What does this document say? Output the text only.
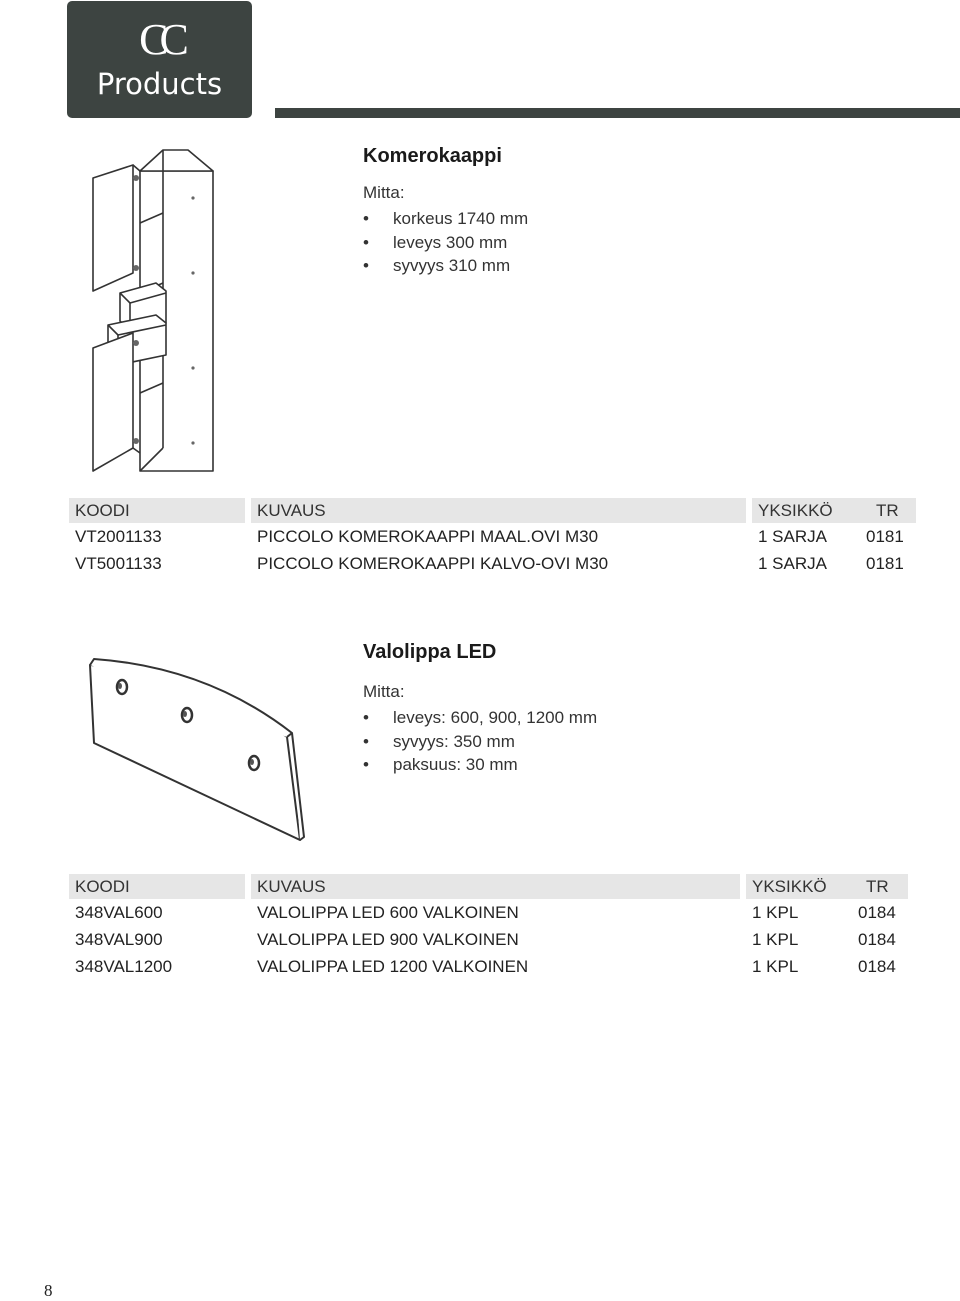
CC
Products
Komerokaappi
Mitta:
• korkeus 1740 mm
• leveys 300 mm
• syvyys 310 mm
KOODI		KUVAUS		YKSIKKÖ	TR
VT2001133		PICCOLO KOMEROKAAPPI MAAL.OVI M30		1 SARJA	0181
VT5001133		PICCOLO KOMEROKAAPPI KALVO-OVI M30		1 SARJA	0181
Valolippa LED
Mitta:
• leveys: 600, 900, 1200 mm
• syvyys: 350 mm
• paksuus: 30 mm
KOODI		KUVAUS		YKSIKKÖ	TR
348VAL600		VALOLIPPA LED 600 VALKOINEN		1 KPL	0184
348VAL900		VALOLIPPA LED 900 VALKOINEN		1 KPL	0184
348VAL1200		VALOLIPPA LED 1200 VALKOINEN		1 KPL	0184
8
